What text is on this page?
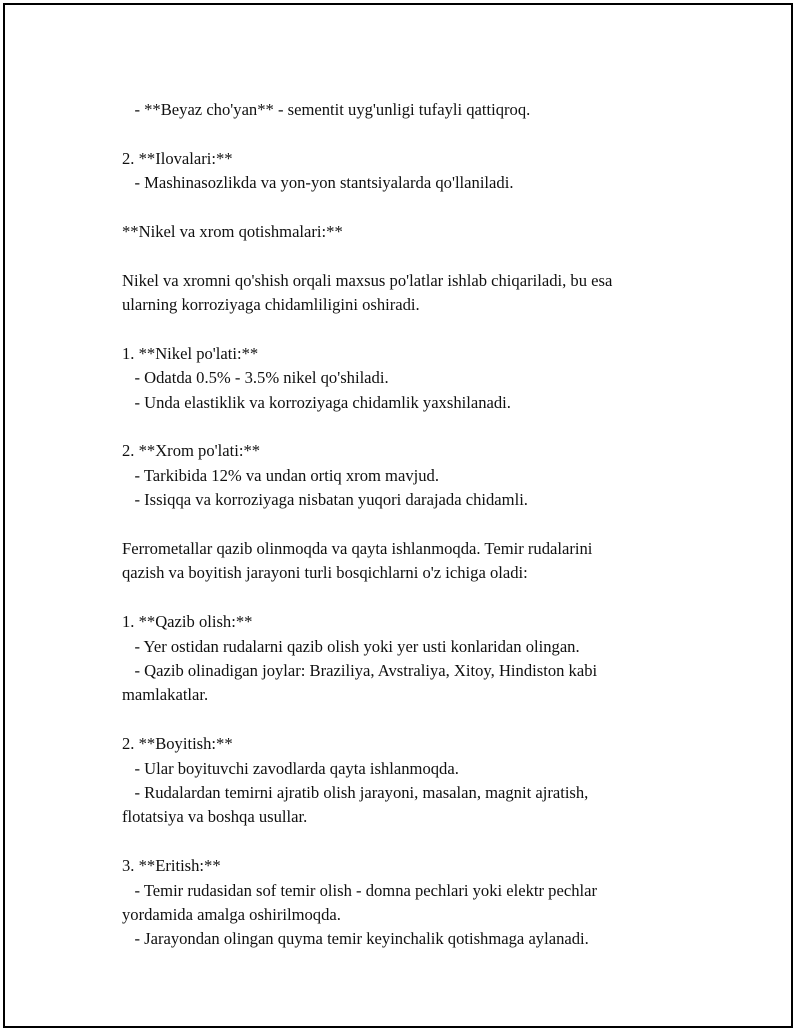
- **Beyaz cho'yan** - sementit uyg'unligi tufayli qattiqroq.

2. **Ilovalari:**
- Mashinasozlikda va yon-yon stantsiyalarda qo'llaniladi.

**Nikel va xrom qotishmalari:**

Nikel va xromni qo'shish orqali maxsus po'latlar ishlab chiqariladi, bu esa
ularning korroziyaga chidamliligini oshiradi.

1. **Nikel po'lati:**
- Odatda 0.5% - 3.5% nikel qo'shiladi.
- Unda elastiklik va korroziyaga chidamlik yaxshilanadi.

2. **Xrom po'lati:**
- Tarkibida 12% va undan ortiq xrom mavjud.
- Issiqqa va korroziyaga nisbatan yuqori darajada chidamli.

Ferrometallar qazib olinmoqda va qayta ishlanmoqda. Temir rudalarini
qazish va boyitish jarayoni turli bosqichlarni o'z ichiga oladi:

1. **Qazib olish:**
- Yer ostidan rudalarni qazib olish yoki yer usti konlaridan olingan.
- Qazib olinadigan joylar: Braziliya, Avstraliya, Xitoy, Hindiston kabi
mamlakatlar.

2. **Boyitish:**
- Ular boyituvchi zavodlarda qayta ishlanmoqda.
- Rudalardan temirni ajratib olish jarayoni, masalan, magnit ajratish,
flotatsiya va boshqa usullar.

3. **Eritish:**
- Temir rudasidan sof temir olish - domna pechlari yoki elektr pechlar
yordamida amalga oshirilmoqda.
- Jarayondan olingan quyma temir keyinchalik qotishmaga aylanadi.
